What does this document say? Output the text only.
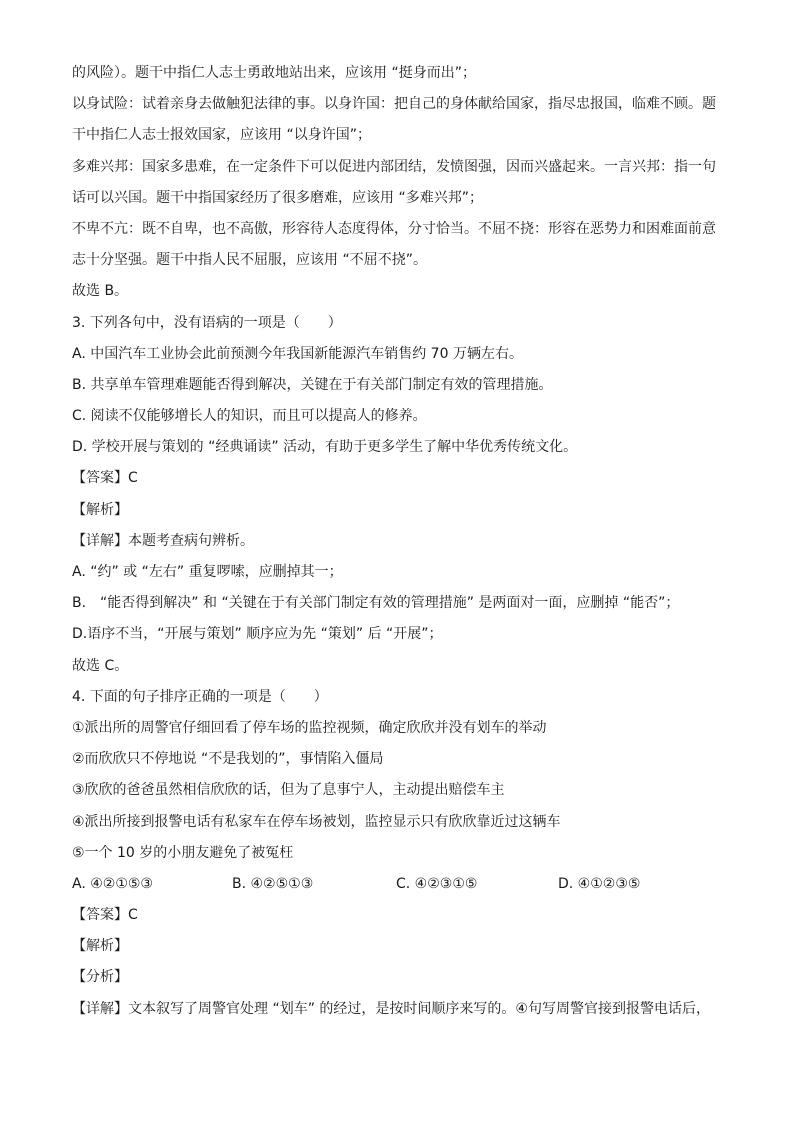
的风险）。题干中指仁人志士勇敢地站出来，应该用 “挺身而出”；
以身试险：试着亲身去做触犯法律的事。以身许国：把自己的身体献给国家，指尽忠报国，临难不顾。题
干中指仁人志士报效国家，应该用 “以身许国”；
多难兴邦：国家多患难，在一定条件下可以促进内部团结，发愤图强，因而兴盛起来。一言兴邦：指一句
话可以兴国。题干中指国家经历了很多磨难，应该用 “多难兴邦”；
不卑不亢：既不自卑，也不高傲，形容待人态度得体，分寸恰当。不屈不挠：形容在恶势力和困难面前意
志十分坚强。题干中指人民不屈服，应该用 “不屈不挠”。
故选 B。
3. 下列各句中，没有语病的一项是（　　）
A. 中国汽车工业协会此前预测今年我国新能源汽车销售约 70 万辆左右。
B. 共享单车管理难题能否得到解决，关键在于有关部门制定有效的管理措施。
C. 阅读不仅能够增长人的知识，而且可以提高人的修养。
D. 学校开展与策划的 “经典诵读” 活动，有助于更多学生了解中华优秀传统文化。
【答案】C
【解析】
【详解】本题考查病句辨析。
A. “约” 或 “左右” 重复啰嗦，应删掉其一；
B． “能否得到解决” 和 “关键在于有关部门制定有效的管理措施” 是两面对一面，应删掉 “能否”；
D.语序不当，“开展与策划” 顺序应为先 “策划” 后 “开展”；
故选 C。
4. 下面的句子排序正确的一项是（　　）
①派出所的周警官仔细回看了停车场的监控视频，确定欣欣并没有划车的举动
②而欣欣只不停地说 “不是我划的”，事情陷入僵局
③欣欣的爸爸虽然相信欣欣的话，但为了息事宁人，主动提出赔偿车主
④派出所接到报警电话有私家车在停车场被划，监控显示只有欣欣靠近过这辆车
⑤一个 10 岁的小朋友避免了被冤枉
A. ④②①⑤③	B. ④②⑤①③	C. ④②③①⑤	D. ④①②③⑤
【答案】C
【解析】
【分析】
【详解】文本叙写了周警官处理 “划车” 的经过，是按时间顺序来写的。④句写周警官接到报警电话后，
